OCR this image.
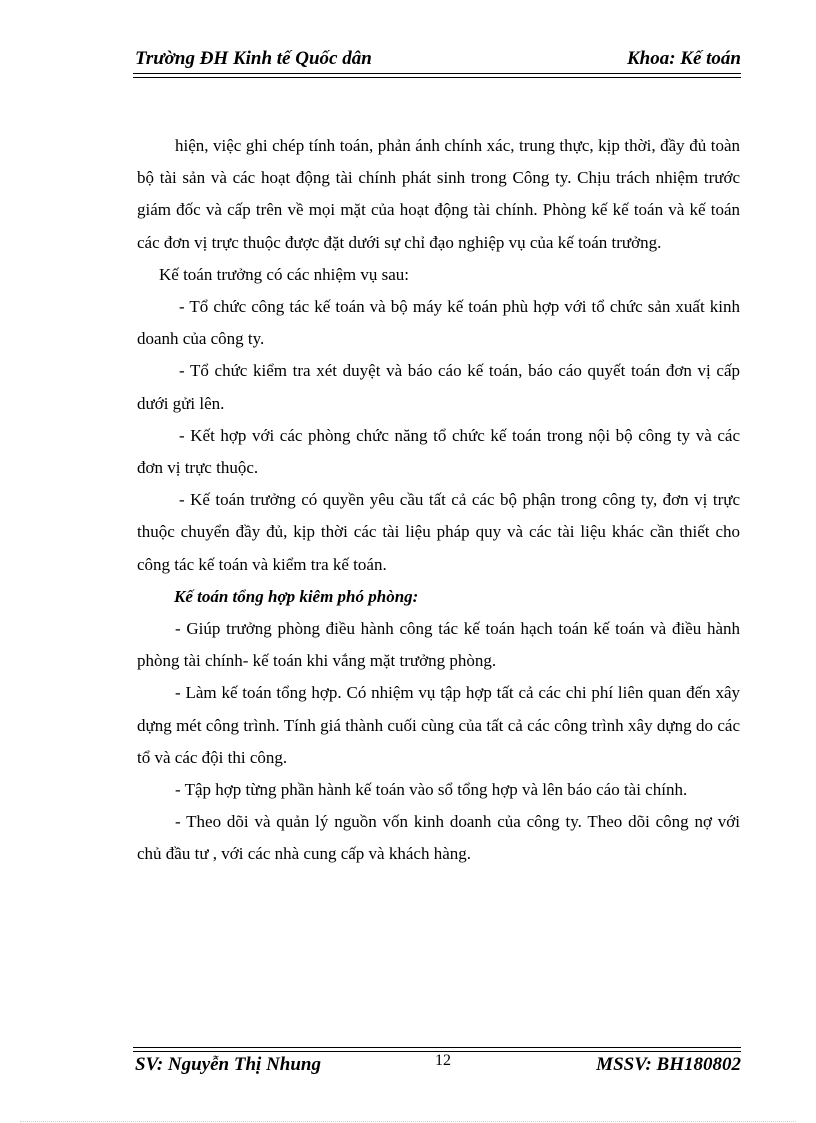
Trường ĐH Kinh tế Quốc dân	Khoa: Kế toán

hiện, việc ghi chép tính toán, phản ánh chính xác, trung thực, kịp thời, đầy đủ toàn bộ tài sản và các hoạt động tài chính phát sinh trong Công ty. Chịu trách nhiệm trước giám đốc và cấp trên về mọi mặt của hoạt động tài chính. Phòng kế kế toán và kế toán các đơn vị trực thuộc được đặt dưới sự chỉ đạo nghiệp vụ của kế toán trưởng.

Kế toán trưởng có các nhiệm vụ sau:

- Tổ chức công tác kế toán và bộ máy kế toán phù hợp với tổ chức sản xuất kinh doanh của công ty.

- Tổ chức kiểm tra xét duyệt và báo cáo kế toán, báo cáo quyết toán đơn vị cấp dưới gửi lên.

- Kết hợp với các phòng chức năng tổ chức kế toán trong nội bộ công ty và các đơn vị trực thuộc.

- Kế toán trưởng có quyền yêu cầu tất cả các bộ phận trong công ty, đơn vị trực thuộc chuyển đầy đủ, kịp thời các tài liệu pháp quy và các tài liệu khác cần thiết cho công tác kế toán và kiểm tra kế toán.

Kế toán tổng hợp kiêm phó phòng:

- Giúp trưởng phòng điều hành công tác kế toán hạch toán kế toán và điều hành phòng tài chính- kế toán khi vắng mặt trưởng phòng.

- Làm kế toán tổng hợp. Có nhiệm vụ tập hợp tất cả các chi phí liên quan đến xây dựng mét công trình. Tính giá thành cuối cùng của tất cả các công trình xây dựng do các tổ và các đội thi công.

- Tập hợp từng phần hành kế toán vào sổ tổng hợp và lên báo cáo tài chính.

- Theo dõi và quản lý nguồn vốn kinh doanh của công ty. Theo dõi công nợ với chủ đầu tư , với các nhà cung cấp và khách hàng.

SV: Nguyễn Thị Nhung	12	MSSV: BH180802
